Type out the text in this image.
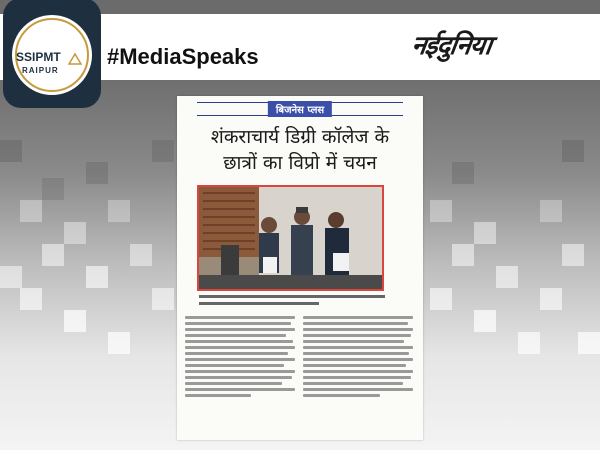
SSIPMT
RAIPUR
#MediaSpeaks	नईदुनिया
बिजनेस प्लस
शंकराचार्य डिग्री कॉलेज के
छात्रों का विप्रो में चयन
